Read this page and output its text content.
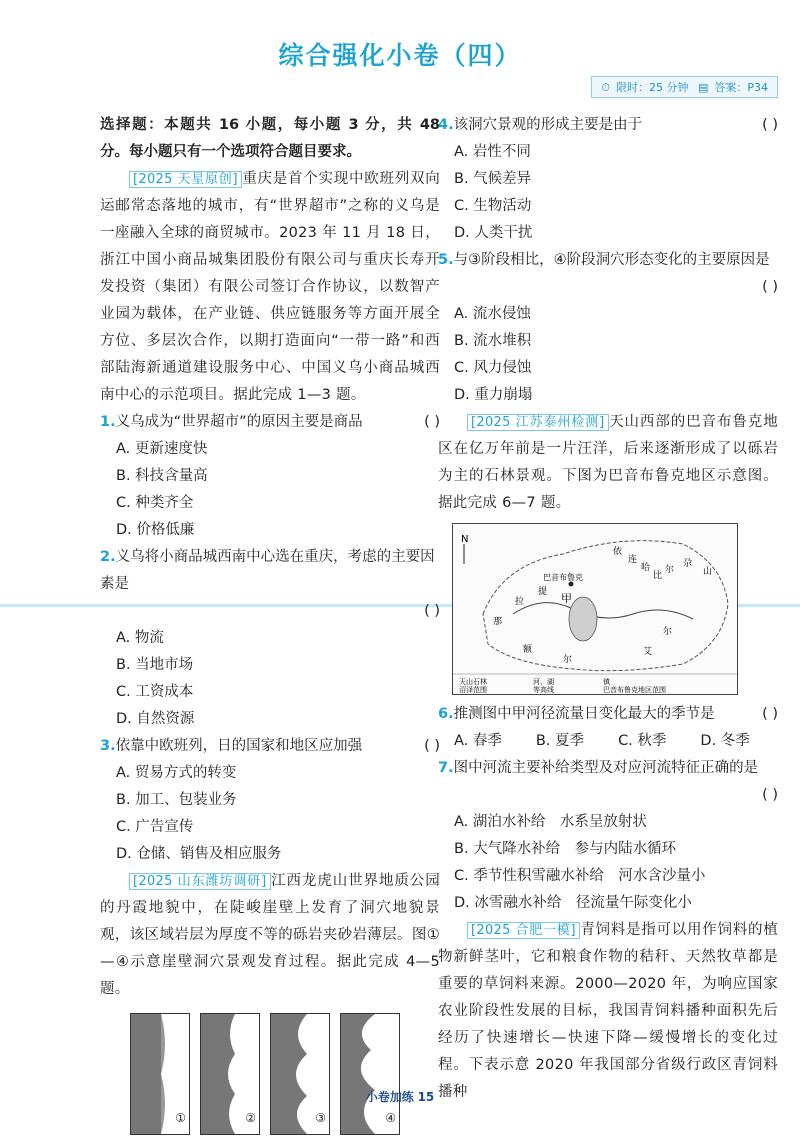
综合强化小卷（四）
⏱ 限时：25 分钟 ▤ 答案：P34

选择题：本题共 16 小题，每小题 3 分，共 48 分。每小题只有一个选项符合题目要求。

[2025 天星原创] 重庆是首个实现中欧班列双向运邮常态落地的城市，有“世界超市”之称的义乌是一座融入全球的商贸城市。2023 年 11 月 18 日，浙江中国小商品城集团股份有限公司与重庆长寿开发投资（集团）有限公司签订合作协议，以数智产业园为载体，在产业链、供应链服务等方面开展全方位、多层次合作，以期打造面向“一带一路”和西部陆海新通道建设服务中心、中国义乌小商品城西南中心的示范项目。据此完成 1—3 题。

1.义乌成为“世界超市”的原因主要是商品	( )

A. 更新速度快

B. 科技含量高

C. 种类齐全

D. 价格低廉

2.义乌将小商品城西南中心选在重庆，考虑的主要因素是
( )

A. 物流

B. 当地市场

C. 工资成本

D. 自然资源

3.依靠中欧班列，日的国家和地区应加强	( )

A. 贸易方式的转变

B. 加工、包装业务

C. 广告宣传

D. 仓储、销售及相应服务

[2025 山东潍坊调研] 江西龙虎山世界地质公园的丹霞地貌中，在陡峻崖壁上发育了洞穴地貌景观，该区域岩层为厚度不等的砾岩夹砂岩薄层。图①—④示意崖壁洞穴景观发育过程。据此完成 4—5 题。

①	②	③	④
4.该洞穴景观的形成主要是由于	( )

A. 岩性不同

B. 气候差异

C. 生物活动

D. 人类干扰

5.与③阶段相比，④阶段洞穴形态变化的主要原因是
( )

A. 流水侵蚀

B. 流水堆积

C. 风力侵蚀

D. 重力崩塌

[2025 江苏泰州检测] 天山西部的巴音布鲁克地区在亿万年前是一片汪洋，后来逐渐形成了以砾岩为主的石林景观。下图为巴音布鲁克地区示意图。据此完成 6—7 题。

N
巴音布鲁克
甲
依
连
哈
比
尔
尕
山
那
拉
提
额
尔
艾
尔
天山石林	河、湖	镇
沼泽范围	等高线	巴音布鲁克地区范围
6.推测图中甲河径流量日变化最大的季节是	( )
A. 春季 B. 夏季 C. 秋季 D. 冬季
7.图中河流主要补给类型及对应河流特征正确的是
( )

A. 湖泊水补给　水系呈放射状

B. 大气降水补给　参与内陆水循环

C. 季节性积雪融水补给　河水含沙量小

D. 冰雪融水补给　径流量午际变化小

[2025 合肥一模] 青饲料是指可以用作饲料的植物新鲜茎叶，它和粮食作物的秸秆、天然牧草都是重要的草饲料来源。2000—2020 年，为响应国家农业阶段性发展的目标，我国青饲料播种面积先后经历了快速增长—快速下降—缓慢增长的变化过程。下表示意 2020 年我国部分省级行政区青饲料播种

小卷加练 15
